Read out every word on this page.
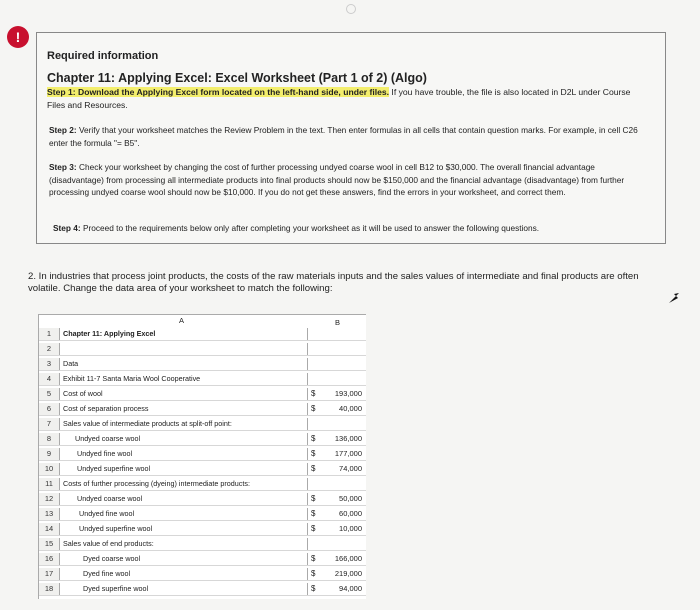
!
Required information
Chapter 11: Applying Excel: Excel Worksheet (Part 1 of 2) (Algo)
Step 1: Download the Applying Excel form located on the left-hand side, under files. If you have trouble, the file is also located in D2L under Course Files and Resources.
Step 2: Verify that your worksheet matches the Review Problem in the text. Then enter formulas in all cells that contain question marks. For example, in cell C26 enter the formula "= B5".
Step 3: Check your worksheet by changing the cost of further processing undyed coarse wool in cell B12 to $30,000. The overall financial advantage (disadvantage) from processing all intermediate products into final products should now be $150,000 and the financial advantage (disadvantage) from further processing undyed coarse wool should now be $10,000. If you do not get these answers, find the errors in your worksheet, and correct them.
Step 4: Proceed to the requirements below only after completing your worksheet as it will be used to answer the following questions.
2. In industries that process joint products, the costs of the raw materials inputs and the sales values of intermediate and final products are often volatile. Change the data area of your worksheet to match the following:
A	B
1	Chapter 11: Applying Excel
2
3	Data
4	Exhibit 11-7 Santa Maria Wool Cooperative
5	Cost of wool	$	193,000
6	Cost of separation process	$	40,000
7	Sales value of intermediate products at split-off point:
8	Undyed coarse wool	$	136,000
9	Undyed fine wool	$	177,000
10	Undyed superfine wool	$	74,000
11	Costs of further processing (dyeing) intermediate products:
12	Undyed coarse wool	$	50,000
13	Undyed fine wool	$	60,000
14	Undyed superfine wool	$	10,000
15	Sales value of end products:
16	Dyed coarse wool	$	166,000
17	Dyed fine wool	$	219,000
18	Dyed superfine wool	$	94,000
